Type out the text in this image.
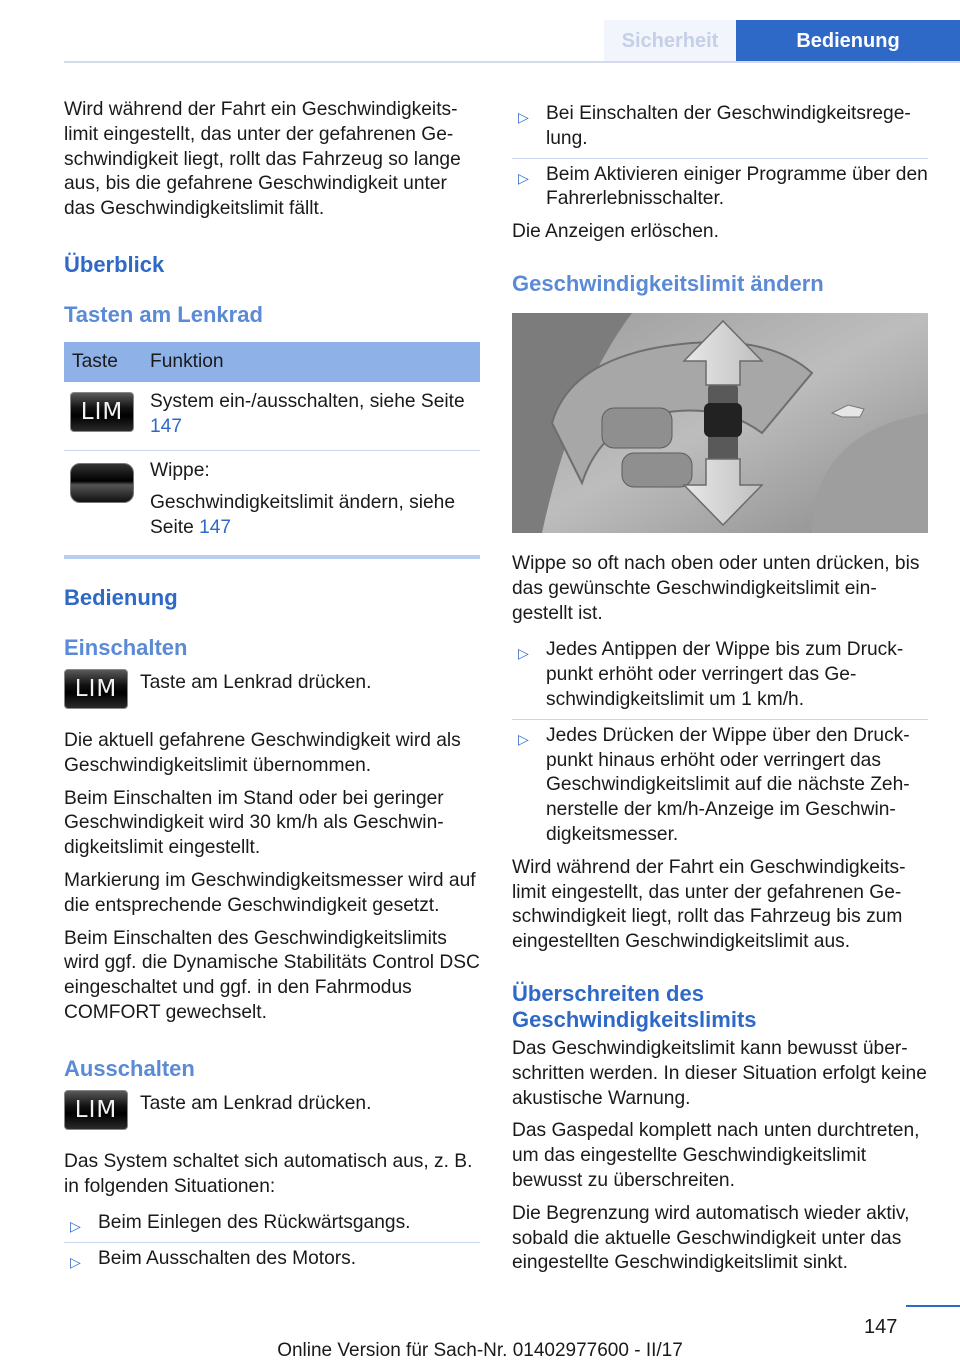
Sicherheit	Bedienung

Wird während der Fahrt ein Geschwindigkeitslimit eingestellt, das unter der gefahrenen Geschwindigkeit liegt, rollt das Fahrzeug so lange aus, bis die gefahrene Geschwindigkeit unter das Geschwindigkeitslimit fällt.

Überblick
Tasten am Lenkrad
Taste	Funktion

LIM	System ein-/ausschalten, siehe Seite 147

	Wippe:
Geschwindigkeitslimit ändern, siehe Seite 147
Bedienung
Einschalten
LIM	Taste am Lenkrad drücken.

Die aktuell gefahrene Geschwindigkeit wird als Geschwindigkeitslimit übernommen.

Beim Einschalten im Stand oder bei geringer Geschwindigkeit wird 30 km/h als Geschwindigkeitslimit eingestellt.

Markierung im Geschwindigkeitsmesser wird auf die entsprechende Geschwindigkeit gesetzt.

Beim Einschalten des Geschwindigkeitslimits wird ggf. die Dynamische Stabilitäts Control DSC eingeschaltet und ggf. in den Fahrmodus COMFORT gewechselt.

Ausschalten
LIM	Taste am Lenkrad drücken.

Das System schaltet sich automatisch aus, z. B. in folgenden Situationen:

▷ Beim Einlegen des Rückwärtsgangs.
▷ Beim Ausschalten des Motors.
▷ Bei Einschalten der Geschwindigkeitsregelung.
▷ Beim Aktivieren einiger Programme über den Fahrerlebnisschalter.

Die Anzeigen erlöschen.

Geschwindigkeitslimit ändern

Wippe so oft nach oben oder unten drücken, bis das gewünschte Geschwindigkeitslimit eingestellt ist.

▷ Jedes Antippen der Wippe bis zum Druckpunkt erhöht oder verringert das Geschwindigkeitslimit um 1 km/h.
▷ Jedes Drücken der Wippe über den Druckpunkt hinaus erhöht oder verringert das Geschwindigkeitslimit auf die nächste Zehnerstelle der km/h-Anzeige im Geschwindigkeitsmesser.

Wird während der Fahrt ein Geschwindigkeitslimit eingestellt, das unter der gefahrenen Geschwindigkeit liegt, rollt das Fahrzeug bis zum eingestellten Geschwindigkeitslimit aus.

Überschreiten des Geschwindigkeitslimits

Das Geschwindigkeitslimit kann bewusst überschritten werden. In dieser Situation erfolgt keine akustische Warnung.

Das Gaspedal komplett nach unten durchtreten, um das eingestellte Geschwindigkeitslimit bewusst zu überschreiten.

Die Begrenzung wird automatisch wieder aktiv, sobald die aktuelle Geschwindigkeit unter das eingestellte Geschwindigkeitslimit sinkt.

147
Online Version für Sach-Nr. 01402977600 - II/17
